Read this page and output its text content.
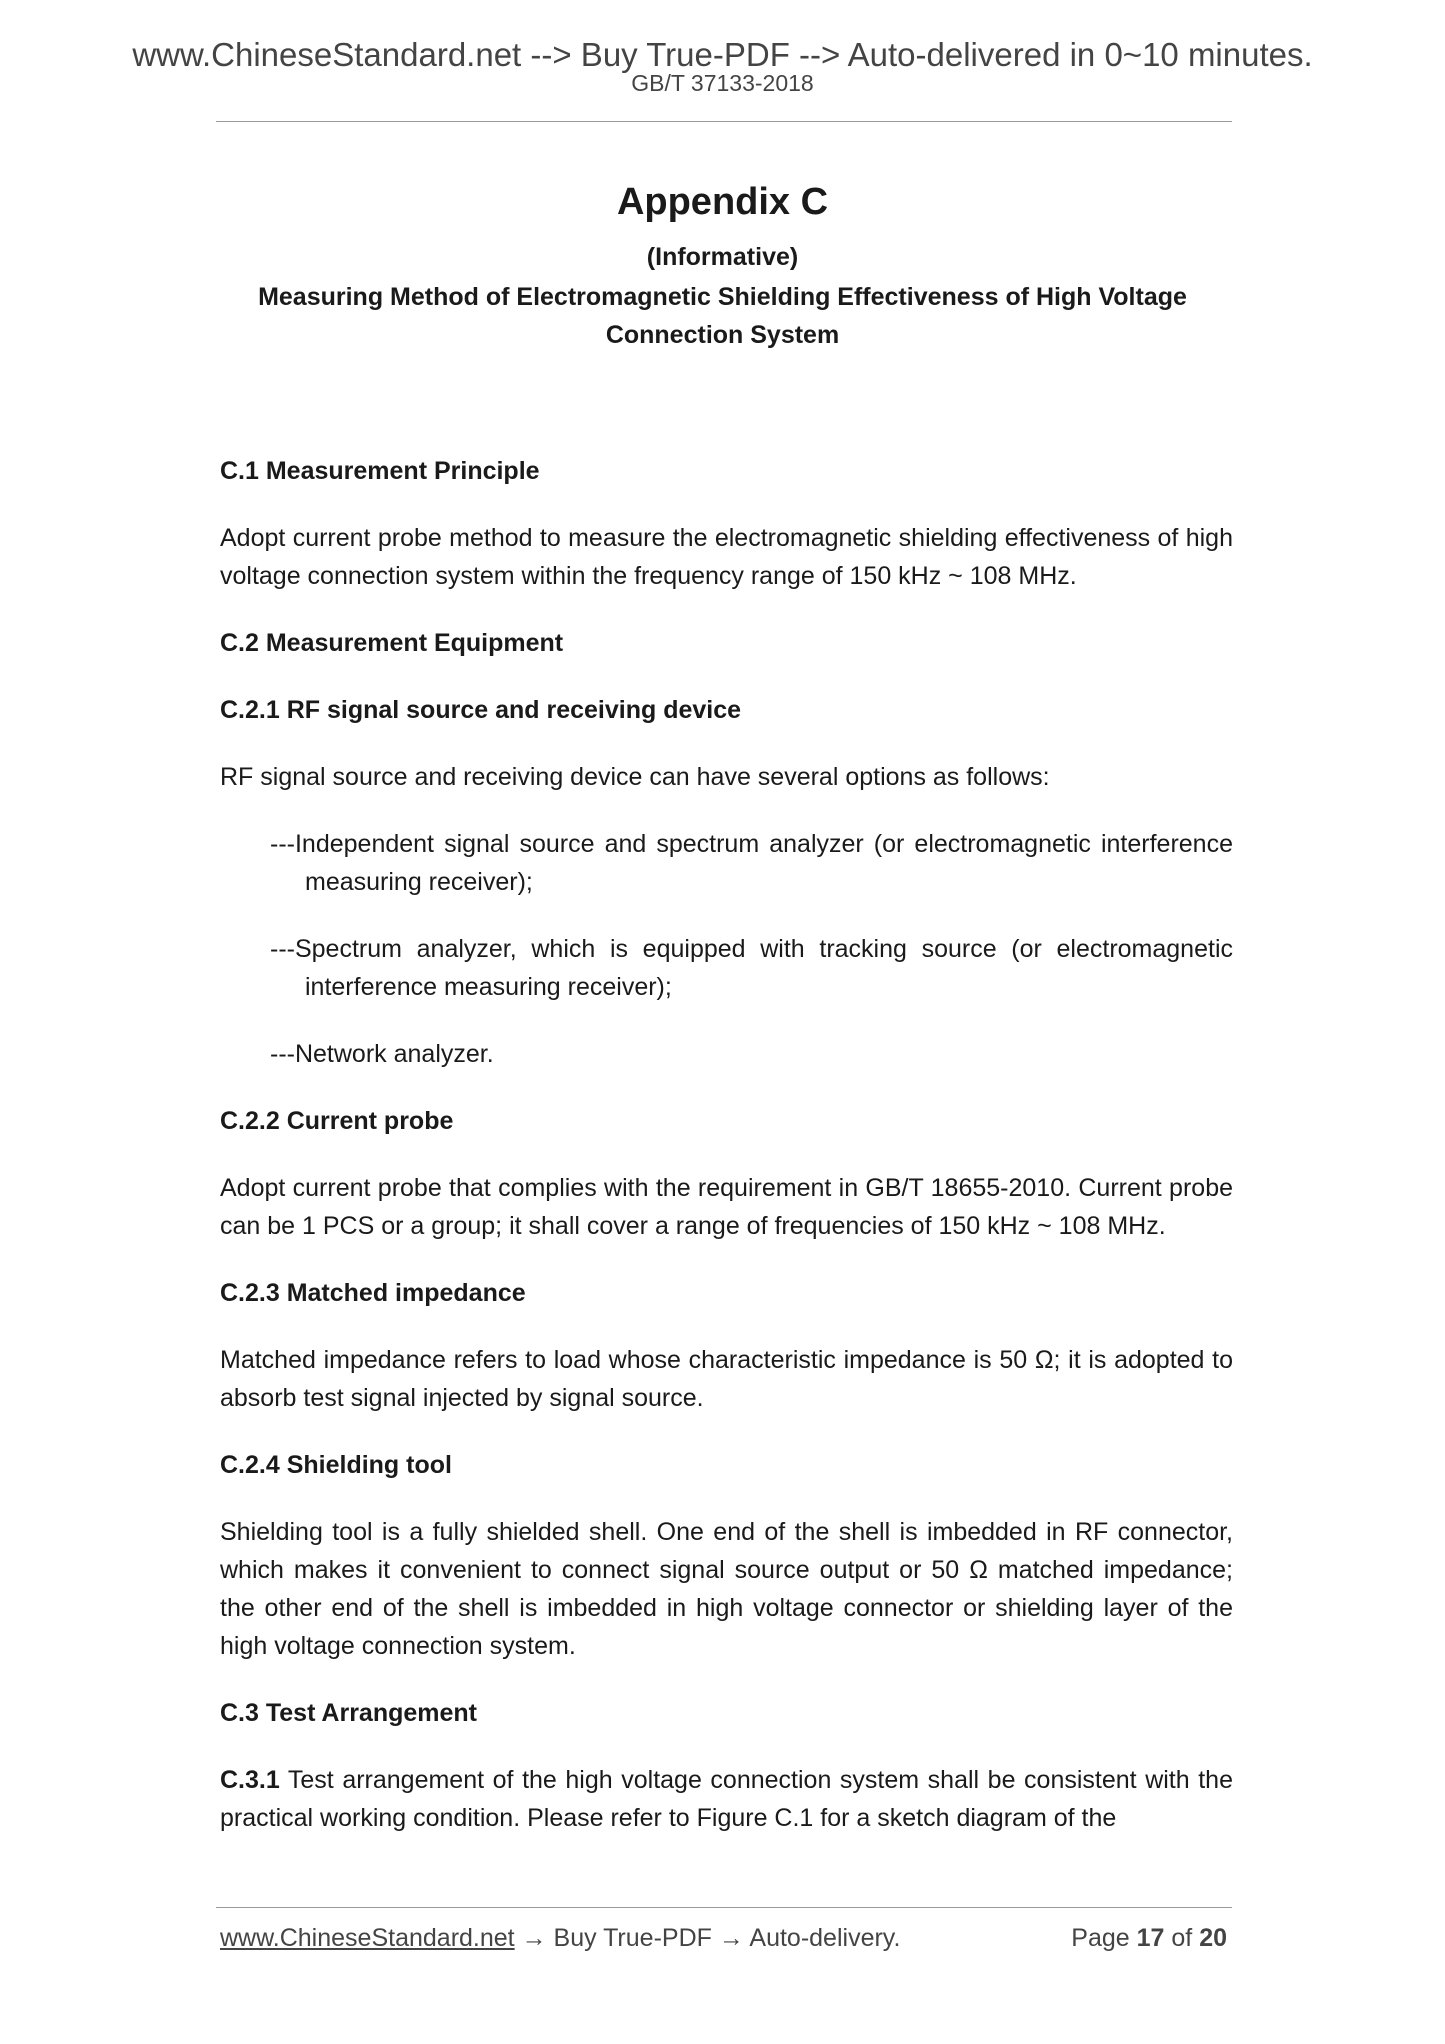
www.ChineseStandard.net --> Buy True-PDF --> Auto-delivered in 0~10 minutes.
GB/T 37133-2018
Appendix C
(Informative)
Measuring Method of Electromagnetic Shielding Effectiveness of High Voltage
Connection System
C.1 Measurement Principle
Adopt current probe method to measure the electromagnetic shielding effectiveness of high voltage connection system within the frequency range of 150 kHz ~ 108 MHz.
C.2 Measurement Equipment
C.2.1 RF signal source and receiving device
RF signal source and receiving device can have several options as follows:
---Independent signal source and spectrum analyzer (or electromagnetic interference measuring receiver);
---Spectrum analyzer, which is equipped with tracking source (or electromagnetic interference measuring receiver);
---Network analyzer.
C.2.2 Current probe
Adopt current probe that complies with the requirement in GB/T 18655-2010. Current probe can be 1 PCS or a group; it shall cover a range of frequencies of 150 kHz ~ 108 MHz.
C.2.3 Matched impedance
Matched impedance refers to load whose characteristic impedance is 50 Ω; it is adopted to absorb test signal injected by signal source.
C.2.4 Shielding tool
Shielding tool is a fully shielded shell. One end of the shell is imbedded in RF connector, which makes it convenient to connect signal source output or 50 Ω matched impedance; the other end of the shell is imbedded in high voltage connector or shielding layer of the high voltage connection system.
C.3 Test Arrangement
C.3.1 Test arrangement of the high voltage connection system shall be consistent with the practical working condition. Please refer to Figure C.1 for a sketch diagram of the
www.ChineseStandard.net → Buy True-PDF → Auto-delivery.	Page 17 of 20
